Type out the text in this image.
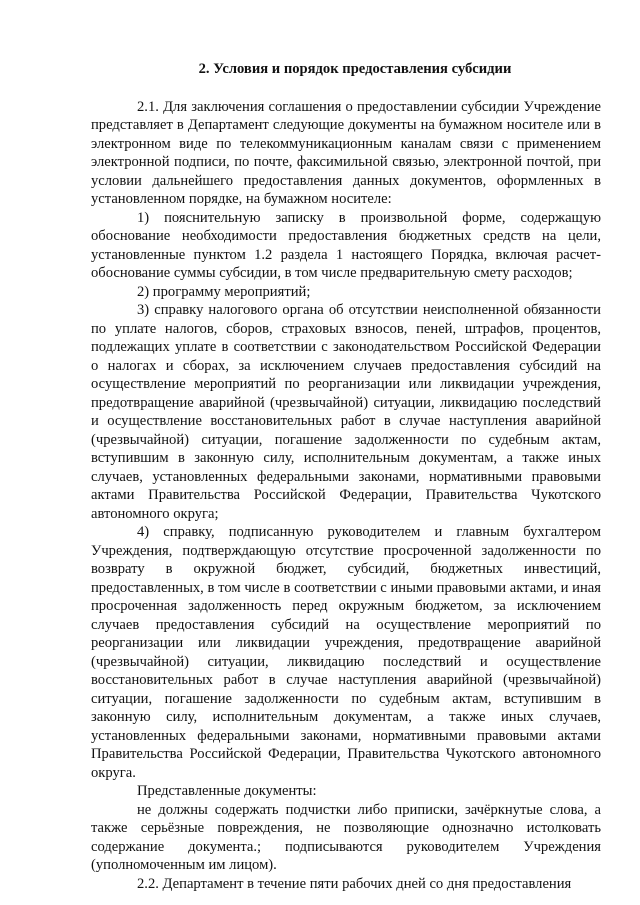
2. Условия и порядок предоставления субсидии

2.1. Для заключения соглашения о предоставлении субсидии Учреждение представляет в Департамент следующие документы на бумажном носителе или в электронном виде по телекоммуникационным каналам связи с применением электронной подписи, по почте, факсимильной связью, электронной почтой, при условии дальнейшего предоставления данных документов, оформленных в установленном порядке, на бумажном носителе:

1) пояснительную записку в произвольной форме, содержащую обоснование необходимости предоставления бюджетных средств на цели, установленные пунктом 1.2 раздела 1 настоящего Порядка, включая расчет-обоснование суммы субсидии, в том числе предварительную смету расходов;

2) программу мероприятий;

3) справку налогового органа об отсутствии неисполненной обязанности по уплате налогов, сборов, страховых взносов, пеней, штрафов, процентов, подлежащих уплате в соответствии с законодательством Российской Федерации о налогах и сборах, за исключением случаев предоставления субсидий на осуществление мероприятий по реорганизации или ликвидации учреждения, предотвращение аварийной (чрезвычайной) ситуации, ликвидацию последствий и осуществление восстановительных работ в случае наступления аварийной (чрезвычайной) ситуации, погашение задолженности по судебным актам, вступившим в законную силу, исполнительным документам, а также иных случаев, установленных федеральными законами, нормативными правовыми актами Правительства Российской Федерации, Правительства Чукотского автономного округа;

4) справку, подписанную руководителем и главным бухгалтером Учреждения, подтверждающую отсутствие просроченной задолженности по возврату в окружной бюджет, субсидий, бюджетных инвестиций, предоставленных, в том числе в соответствии с иными правовыми актами, и иная просроченная задолженность перед окружным бюджетом, за исключением случаев предоставления субсидий на осуществление мероприятий по реорганизации или ликвидации учреждения, предотвращение аварийной (чрезвычайной) ситуации, ликвидацию последствий и осуществление восстановительных работ в случае наступления аварийной (чрезвычайной) ситуации, погашение задолженности по судебным актам, вступившим в законную силу, исполнительным документам, а также иных случаев, установленных федеральными законами, нормативными правовыми актами Правительства Российской Федерации, Правительства Чукотского автономного округа.

Представленные документы:

не должны содержать подчистки либо приписки, зачёркнутые слова, а также серьёзные повреждения, не позволяющие однозначно истолковать содержание документа.; подписываются руководителем Учреждения (уполномоченным им лицом).

2.2. Департамент в течение пяти рабочих дней со дня предоставления
